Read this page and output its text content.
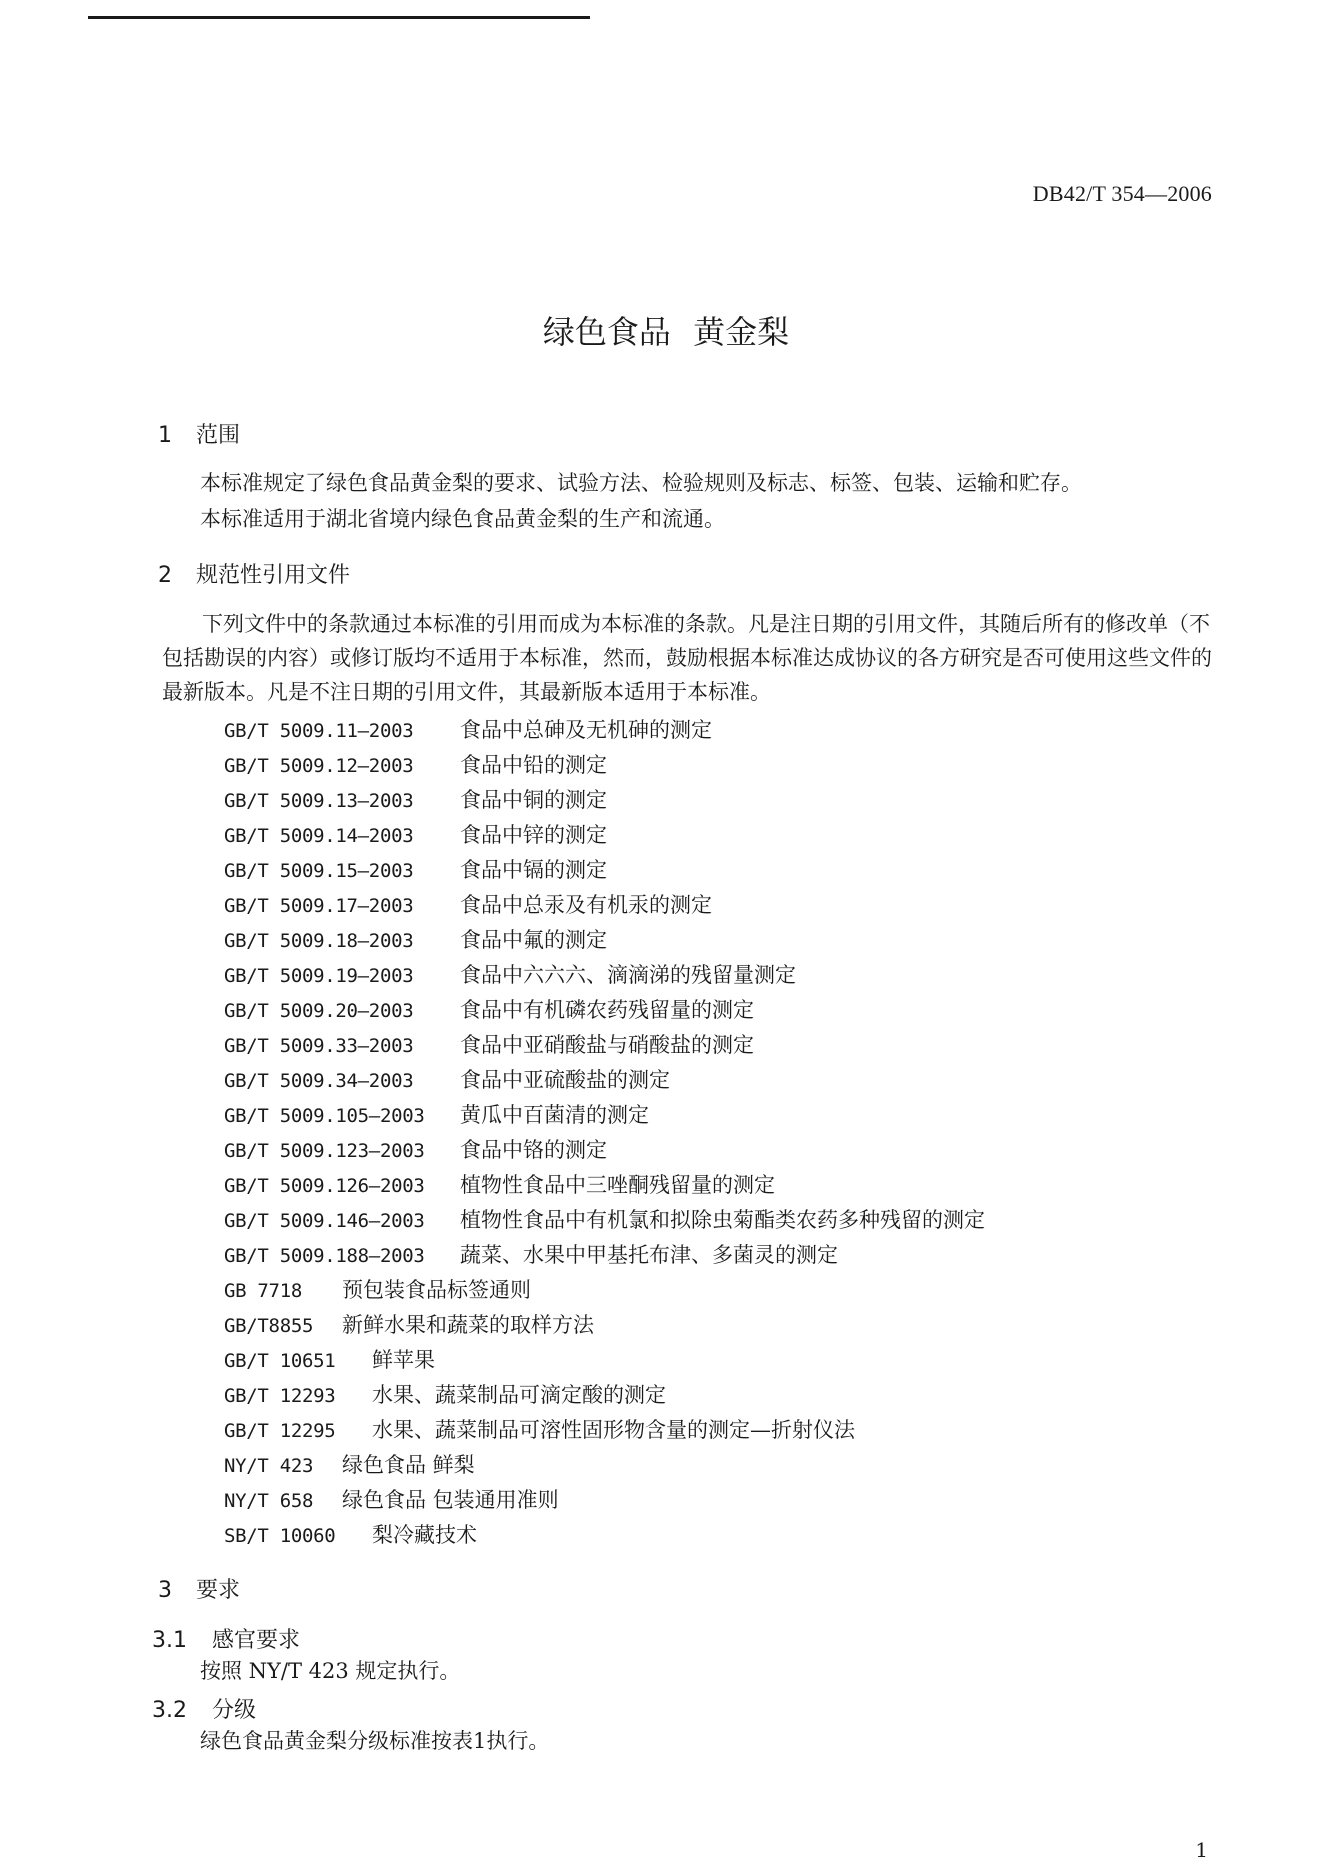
DB42/T 354—2006
绿色食品 黄金梨
1 范围
本标准规定了绿色食品黄金梨的要求、试验方法、检验规则及标志、标签、包装、运输和贮存。
本标准适用于湖北省境内绿色食品黄金梨的生产和流通。
2 规范性引用文件
下列文件中的条款通过本标准的引用而成为本标准的条款。凡是注日期的引用文件，其随后所有的修改单（不包括勘误的内容）或修订版均不适用于本标准，然而，鼓励根据本标准达成协议的各方研究是否可使用这些文件的最新版本。凡是不注日期的引用文件，其最新版本适用于本标准。
GB/T 5009.11—2003 食品中总砷及无机砷的测定
GB/T 5009.12—2003 食品中铅的测定
GB/T 5009.13—2003 食品中铜的测定
GB/T 5009.14—2003 食品中锌的测定
GB/T 5009.15—2003 食品中镉的测定
GB/T 5009.17—2003 食品中总汞及有机汞的测定
GB/T 5009.18—2003 食品中氟的测定
GB/T 5009.19—2003 食品中六六六、滴滴涕的残留量测定
GB/T 5009.20—2003 食品中有机磷农药残留量的测定
GB/T 5009.33—2003 食品中亚硝酸盐与硝酸盐的测定
GB/T 5009.34—2003 食品中亚硫酸盐的测定
GB/T 5009.105—2003 黄瓜中百菌清的测定
GB/T 5009.123—2003 食品中铬的测定
GB/T 5009.126—2003 植物性食品中三唑酮残留量的测定
GB/T 5009.146—2003 植物性食品中有机氯和拟除虫菊酯类农药多种残留的测定
GB/T 5009.188—2003 蔬菜、水果中甲基托布津、多菌灵的测定
GB 7718 预包装食品标签通则
GB/T8855 新鲜水果和蔬菜的取样方法
GB/T 10651 鲜苹果
GB/T 12293 水果、蔬菜制品可滴定酸的测定
GB/T 12295 水果、蔬菜制品可溶性固形物含量的测定—折射仪法
NY/T 423 绿色食品 鲜梨
NY/T 658 绿色食品 包装通用准则
SB/T 10060 梨冷藏技术
3 要求
3.1 感官要求
按照 NY/T 423 规定执行。
3.2 分级
绿色食品黄金梨分级标准按表1执行。
1
